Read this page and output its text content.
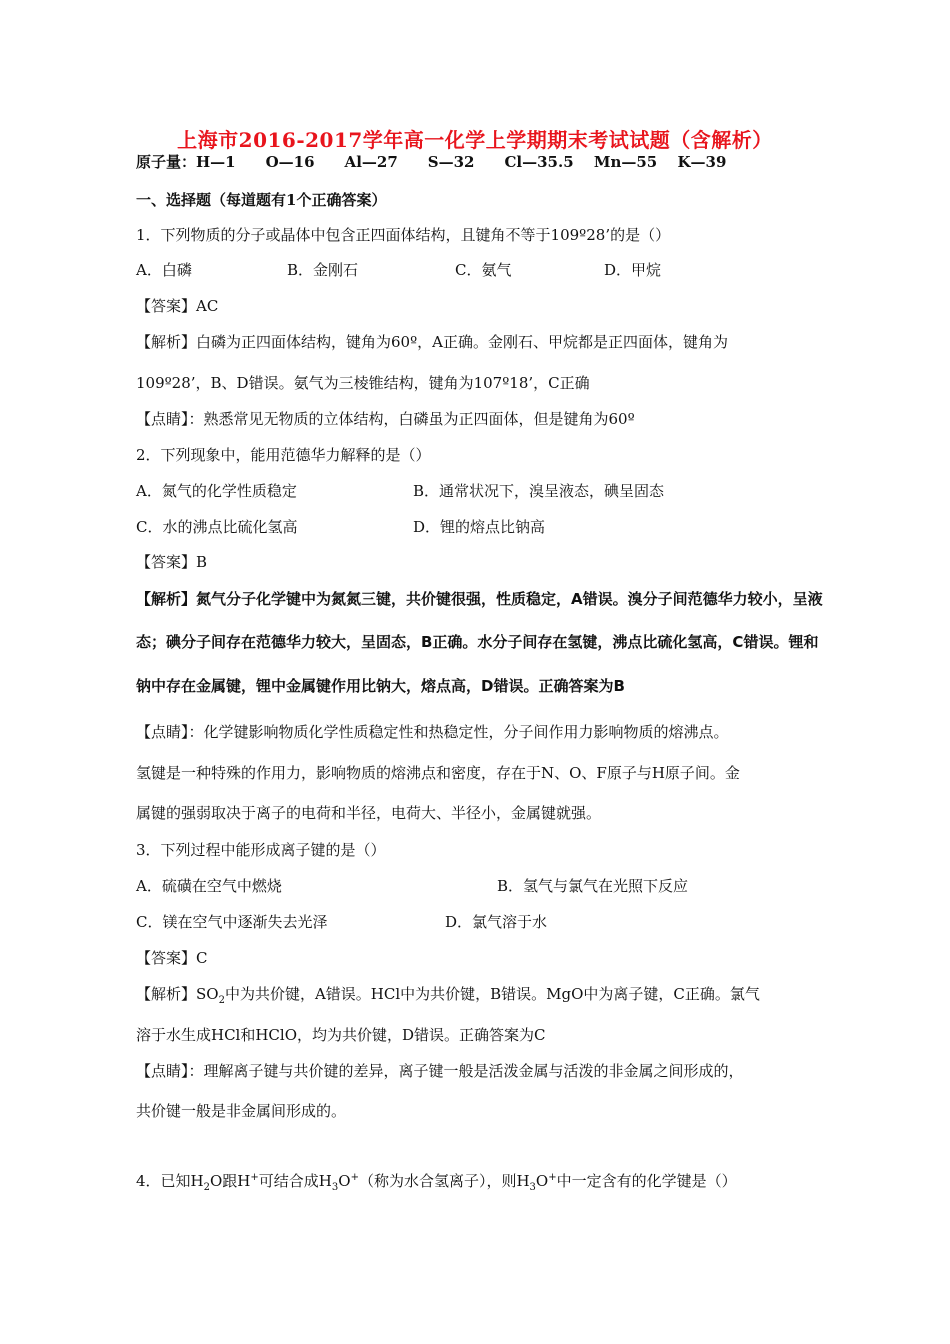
上海市2016-2017学年高一化学上学期期末考试试题（含解析）
原子量：H—1　　O—16　　Al—27　　S—32　　Cl—35.5　 Mn—55　 K—39
一、选择题（每道题有1个正确答案）
1．下列物质的分子或晶体中包含正四面体结构，且键角不等于109º28’的是（）
A．白磷	B．金刚石	C．氨气	D．甲烷
【答案】AC
【解析】白磷为正四面体结构，键角为60º，A正确。金刚石、甲烷都是正四面体，键角为
109º28’，B、D错误。氨气为三棱锥结构，键角为107º18’，C正确
【点睛】：熟悉常见无物质的立体结构，白磷虽为正四面体，但是键角为60º
2．下列现象中，能用范德华力解释的是（）
A．氮气的化学性质稳定	B．通常状况下，溴呈液态，碘呈固态
C．水的沸点比硫化氢高	D．锂的熔点比钠高
【答案】B
【解析】氮气分子化学键中为氮氮三键，共价键很强，性质稳定，A错误。溴分子间范德华力较小，呈液
态；碘分子间存在范德华力较大，呈固态，B正确。水分子间存在氢键，沸点比硫化氢高，C错误。锂和
钠中存在金属键，锂中金属键作用比钠大，熔点高，D错误。正确答案为B
【点睛】：化学键影响物质化学性质稳定性和热稳定性，分子间作用力影响物质的熔沸点。
氢键是一种特殊的作用力，影响物质的熔沸点和密度，存在于N、O、F原子与H原子间。金
属键的强弱取决于离子的电荷和半径，电荷大、半径小，金属键就强。
3．下列过程中能形成离子键的是（）
A．硫磺在空气中燃烧	B．氢气与氯气在光照下反应
C．镁在空气中逐渐失去光泽	D．氯气溶于水
【答案】C
【解析】$SO_2$中为共价键，A错误。HCl中为共价键，B错误。MgO中为离子键，C正确。氯气
溶于水生成HCl和HClO，均为共价键，D错误。正确答案为C
【点睛】：理解离子键与共价键的差异，离子键一般是活泼金属与活泼的非金属之间形成的，
共价键一般是非金属间形成的。
4．已知$H_2O$跟H+可结合成$H_3O^+$（称为水合氢离子），则$H_3O^+$中一定含有的化学键是（）
